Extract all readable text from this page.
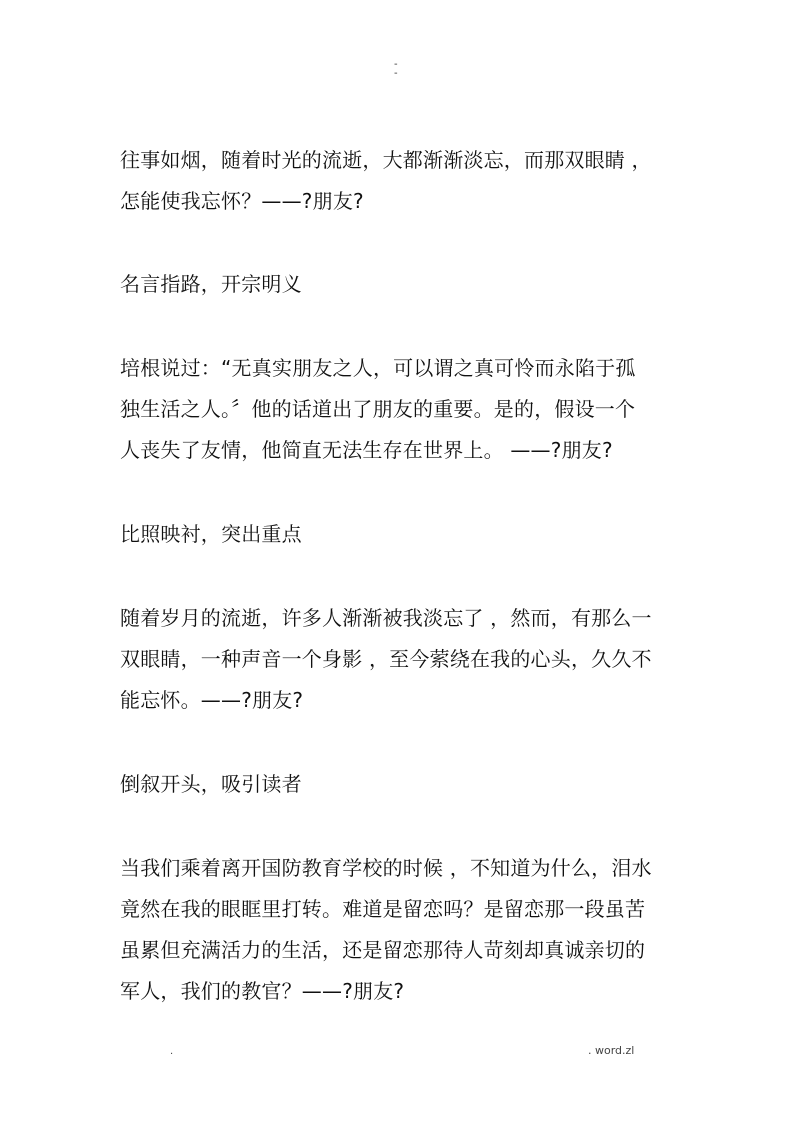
-
-
往事如烟，随着时光的流逝，大都渐渐淡忘，而那双眼睛 ，
怎能使我忘怀？——?朋友?
名言指路，开宗明义
培根说过：“无真实朋友之人，可以谓之真可怜而永陷于孤
独生活之人。〞他的话道出了朋友的重要。是的，假设一个
人丧失了友情，他简直无法生存在世界上。 ——?朋友?
比照映衬，突出重点
随着岁月的流逝，许多人渐渐被我淡忘了 ，然而，有那么一
双眼睛，一种声音一个身影 ，至今萦绕在我的心头，久久不
能忘怀。——?朋友?
倒叙开头，吸引读者
当我们乘着离开国防教育学校的时候 ，不知道为什么，泪水
竟然在我的眼眶里打转。难道是留恋吗？是留恋那一段虽苦
虽累但充满活力的生活，还是留恋那待人苛刻却真诚亲切的
军人，我们的教官？——?朋友?
.	. word.zl
